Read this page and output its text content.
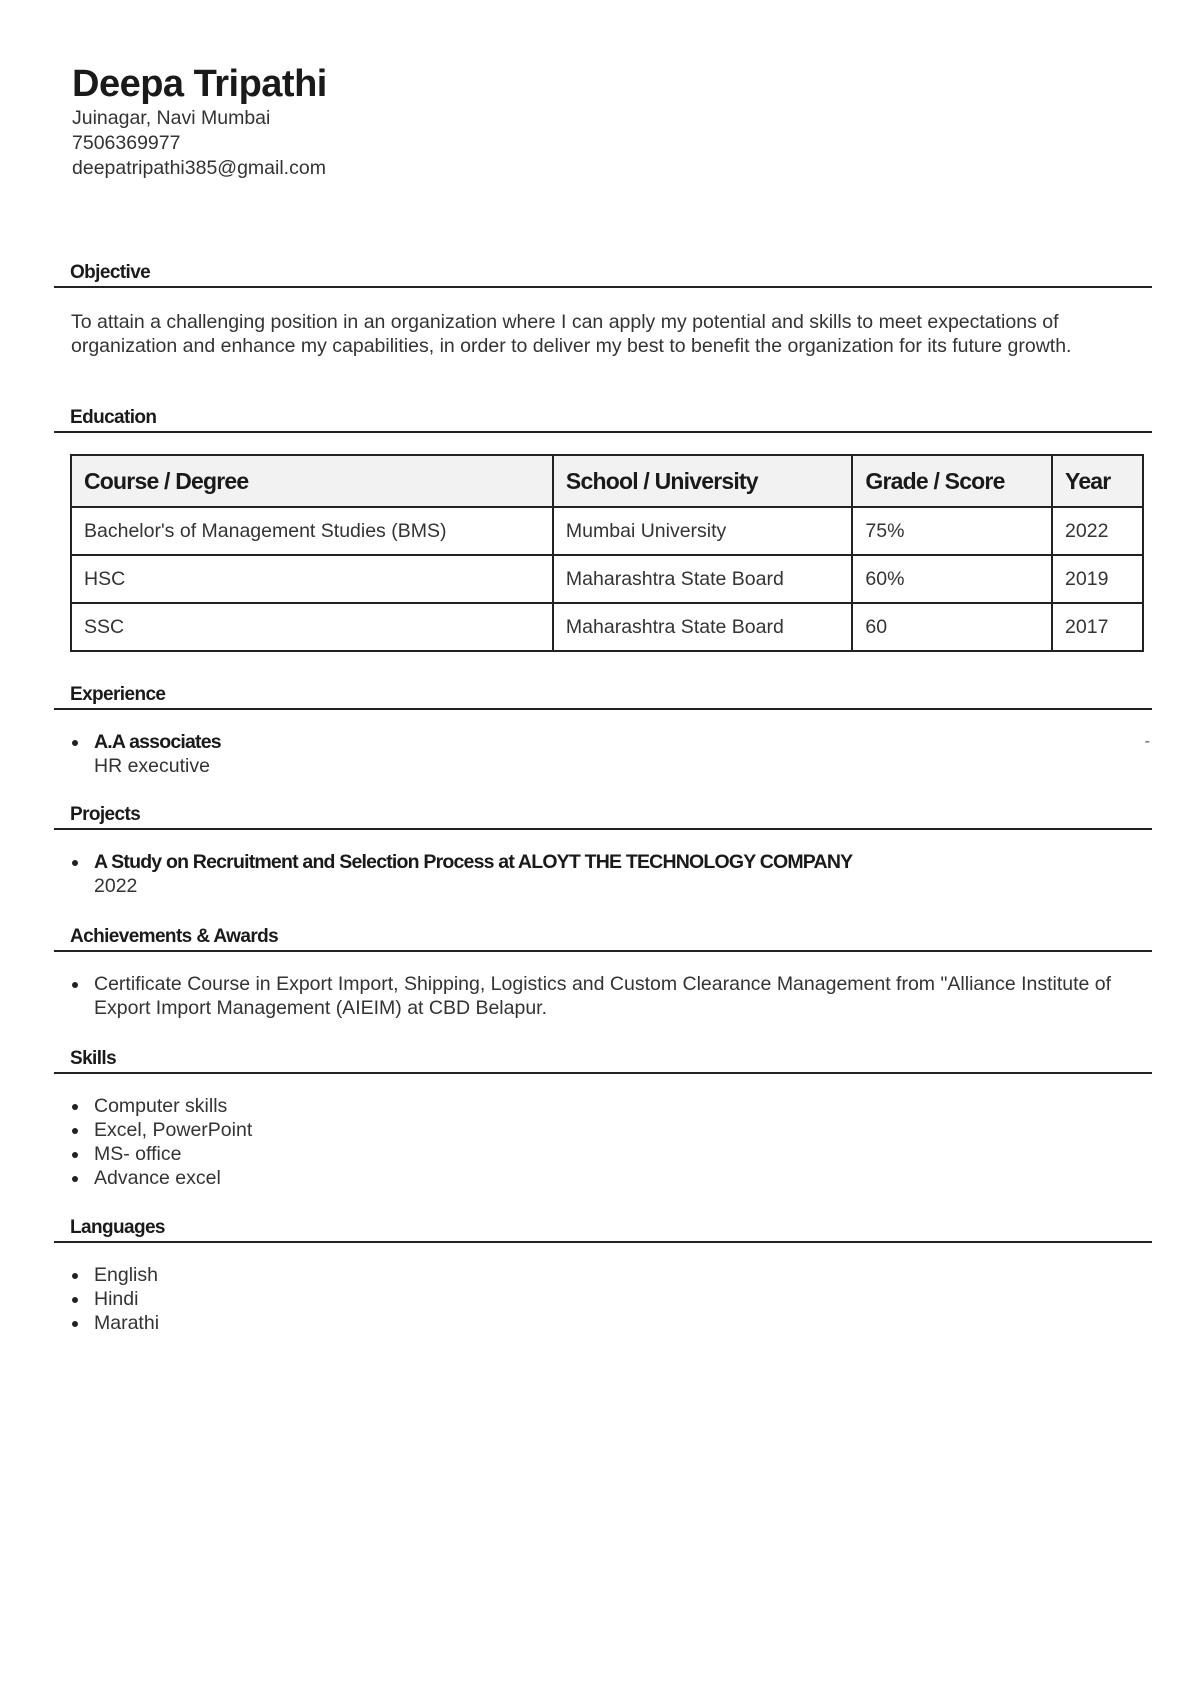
Deepa Tripathi

Juinagar, Navi Mumbai

7506369977

deepatripathi385@gmail.com

Objective

To attain a challenging position in an organization where I can apply my potential and skills to meet expectations of organization and enhance my capabilities, in order to deliver my best to benefit the organization for its future growth.

Education
Course / Degree	School / University	Grade / Score	Year
Bachelor's of Management Studies (BMS)	Mumbai University	75%	2022
HSC	Maharashtra State Board	60%	2019
SSC	Maharashtra State Board	60	2017
Experience
A.A associates	-

HR executive
Projects
A Study on Recruitment and Selection Process at ALOYT THE TECHNOLOGY COMPANY
2022
Achievements & Awards
Certificate Course in Export Import, Shipping, Logistics and Custom Clearance Management from "Alliance Institute of Export Import Management (AIEIM) at CBD Belapur.
Skills
Computer skills
Excel, PowerPoint
MS- office
Advance excel
Languages
English
Hindi
Marathi
